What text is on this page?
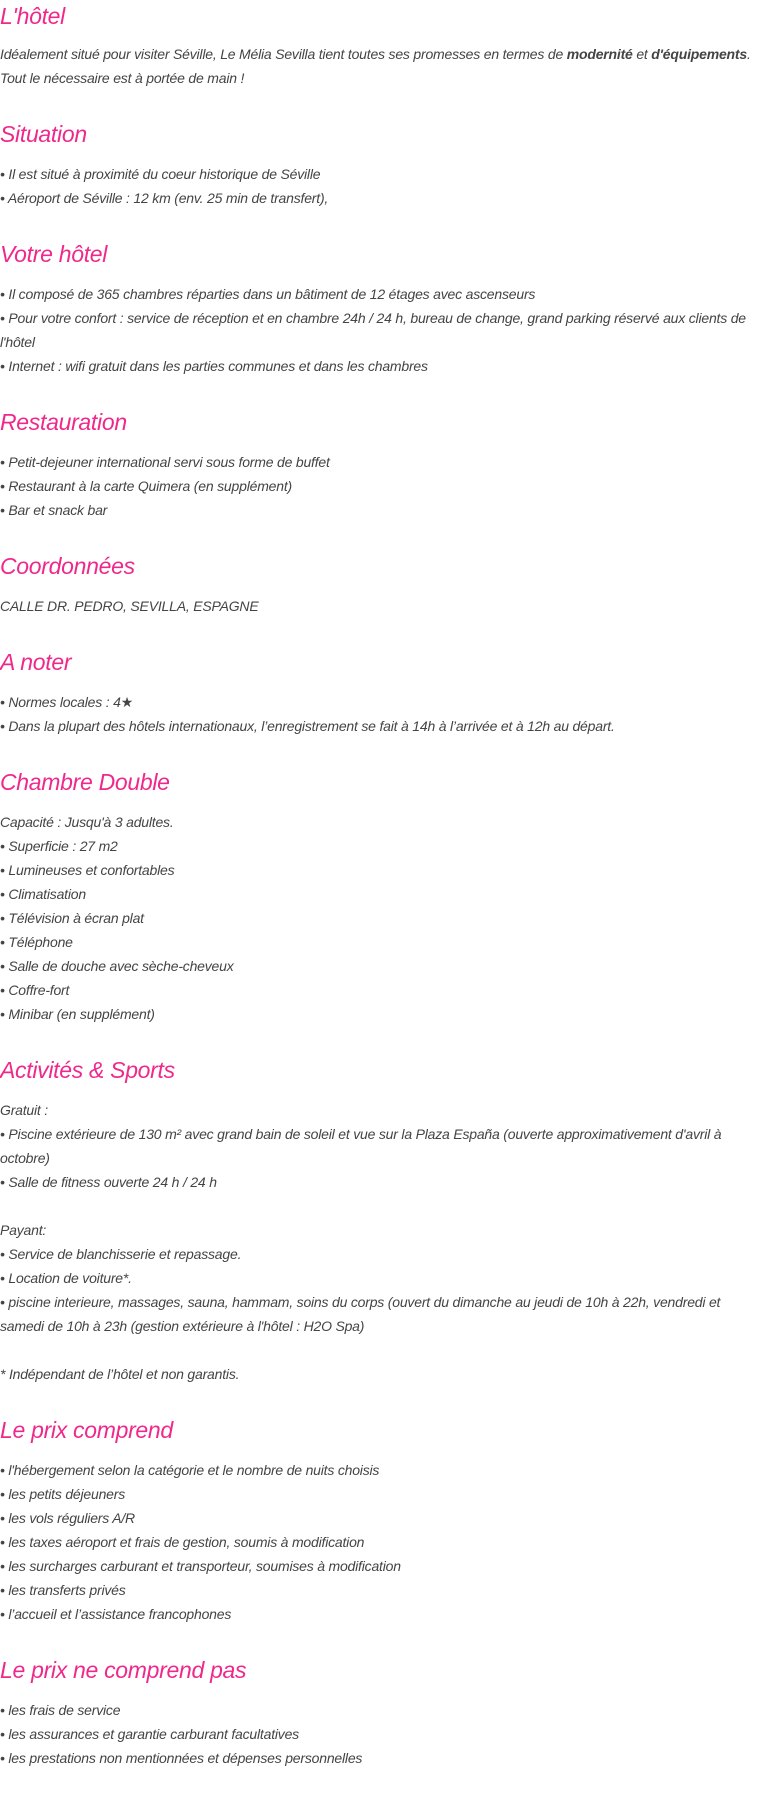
L'hôtel
Idéalement situé pour visiter Séville, Le Mélia Sevilla tient toutes ses promesses en termes de modernité et d'équipements. Tout le nécessaire est à portée de main !
Situation
• Il est situé à proximité du coeur historique de Séville
• Aéroport de Séville : 12 km (env. 25 min de transfert),
Votre hôtel
• Il composé de 365 chambres réparties dans un bâtiment de 12 étages avec ascenseurs
• Pour votre confort : service de réception et en chambre 24h / 24 h, bureau de change, grand parking réservé aux clients de l'hôtel
• Internet : wifi gratuit dans les parties communes et dans les chambres
Restauration
• Petit-dejeuner international servi sous forme de buffet
• Restaurant à la carte Quimera (en supplément)
• Bar et snack bar
Coordonnées
CALLE DR. PEDRO, SEVILLA, ESPAGNE
A noter
• Normes locales : 4★
• Dans la plupart des hôtels internationaux, l’enregistrement se fait à 14h à l’arrivée et à 12h au départ.
Chambre Double
Capacité : Jusqu'à 3 adultes.
• Superficie : 27 m2
• Lumineuses et confortables
• Climatisation
• Télévision à écran plat
• Téléphone
• Salle de douche avec sèche-cheveux
• Coffre-fort
• Minibar (en supplément)
Activités & Sports
Gratuit :
• Piscine extérieure de 130 m² avec grand bain de soleil et vue sur la Plaza España (ouverte approximativement d'avril à octobre)
• Salle de fitness ouverte 24 h / 24 h
Payant:
• Service de blanchisserie et repassage.
• Location de voiture*.
• piscine interieure, massages, sauna, hammam, soins du corps (ouvert du dimanche au jeudi de 10h à 22h, vendredi et samedi de 10h à 23h (gestion extérieure à l'hôtel : H2O Spa)
* Indépendant de l’hôtel et non garantis.
Le prix comprend
• l'hébergement selon la catégorie et le nombre de nuits choisis
• les petits déjeuners
• les vols réguliers A/R
• les taxes aéroport et frais de gestion, soumis à modification
• les surcharges carburant et transporteur, soumises à modification
• les transferts privés
• l’accueil et l’assistance francophones
Le prix ne comprend pas
• les frais de service
• les assurances et garantie carburant facultatives
• les prestations non mentionnées et dépenses personnelles
